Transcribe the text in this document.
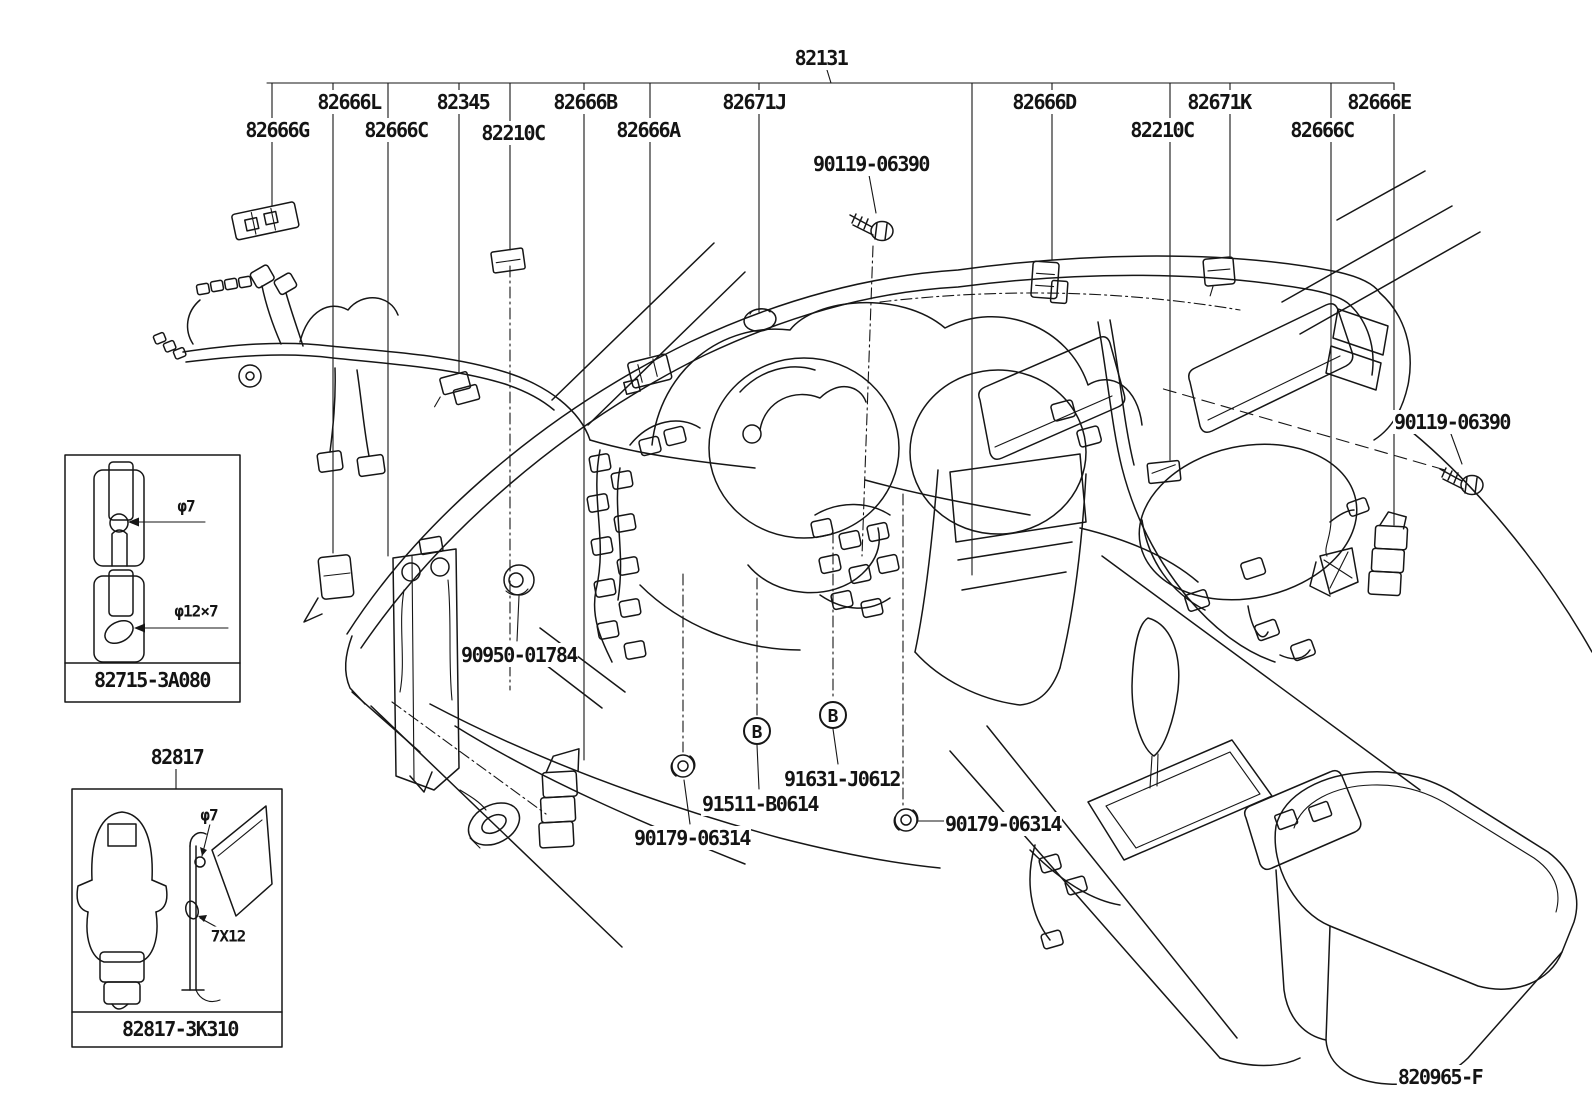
B
B
82131
82666L	82345	82666B	82671J	82666D	82671K	82666E
82666G	82666C	82210C	82666A	82210C	82666C
90119-06390
90119-06390
90950-01784
91631-J0612
91511-B0614
90179-06314
90179-06314
82715-3A080
φ7
φ12×7
82817
82817-3K310
φ7
7X12
820965-F
